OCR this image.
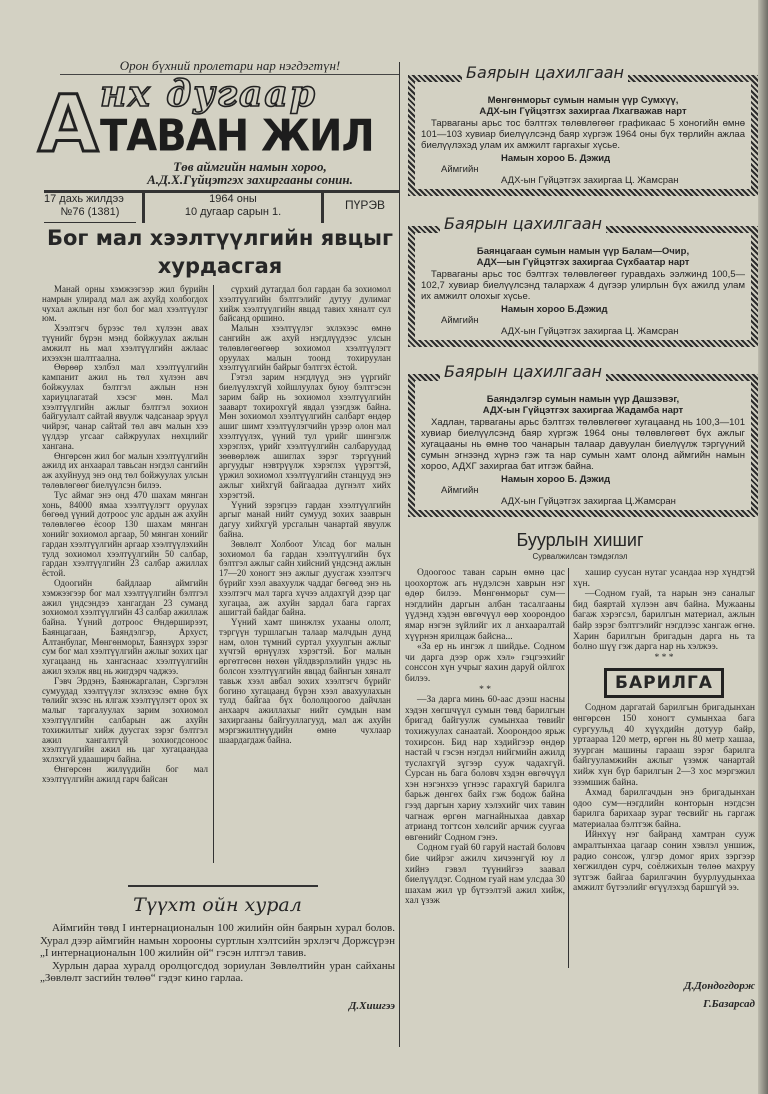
Орон бүхний пролетари нар нэгдэгтүн!
А нх дугаар
ТАВАН ЖИЛ
Төв аймгийн намын хороо,
А.Д.Х.Гүйцэтгэх захиргааны сонин.
17 дахь жилдээ
№76 (1381)
1964 оны
10 дугаар сарын 1.	ПҮРЭВ
Бог мал хээлтүүлгийн явцыг
хурдасгая

Манай орны хэмжээгээр жил бүрийн намрын улиралд мал аж ахуйд холбогдох чухал ажлын нэг бол бог мал хээлтүүлэг юм.

Хээлтэгч бүрээс төл хүлээн авах түүнийг бүрэн мэнд бойжуулах ажлын амжилт нь мал хээлтүүлгийн ажлаас ихээхэн шалтгаална.

Өөрөөр хэлбэл мал хээлтүүлгийн кампанит ажил нь төл хүлээн авч бойжуулах бэлтгэл ажлын нэн хариуцлагатай хэсэг мөн. Мал хээлтүүлгийн ажлыг бэлтгэл зохион байгуулалт сайтай явуулж чадсанаар эрүүл чийрэг, чанар сайтай төл авч малын хээ үүлдэр угсааг сайжруулах нөхцлийг хангана.

Өнгөрсөн жил бог малын хээлтүүлгийн ажилд их анхаарал тавьсан нэгдэл сангийн аж ахуйнууд энэ онд төл бойжуулах улсын төлөвлөгөөг биелүүлсэн билээ.

Тус аймаг энэ онд 470 шахам мянган хонь, 84000 ямаа хээлтүүлэгт оруулах бөгөөд үүний дотроос улс ардын аж ахуйн төлөвлөгөө ёсоор 130 шахам мянган хонийг зохиомол аргаар, 50 мянган хонийг гардан хээлтүүлгийн аргаар хээлтүүлэхийн тулд зохиомол хээлтүүлгийн 50 салбар, гардан хээлтүүлгийн 23 салбар ажиллах ёстой.

Одоогийн байдлаар аймгийн хэмжээгээр бог мал хээлтүүлгийн бэлтгэл ажил үндсэндээ хангагдан 23 суманд зохиомол хээлтүүлгийн 43 салбар ажиллаж байна. Үүний дотроос Өндөрширээт, Баянцагаан, Баяндэлгэр, Архуст, Алтанбулаг, Мөнгөнморьт, Баянзүрх зэрэг сум бог мал хээлтүүлгийн ажлыг зохих цаг хугацаанд нь хангаснаас хээлтүүлгийн ажил эхэлж явц нь жигдэрч чаджээ.

Гэвч Эрдэнэ, Баянжаргалан, Сэргэлэн сумуудад хээлтүүлэг эхлэхээс өмнө бүх төлийг эхээс нь ялгаж хээлтүүлэгт орох эх малыг таргалуулах зарим зохиомол хээлтүүлгийн салбарын аж ахуйн тохижилтыг хийж дуусгах зэрэг бэлтгэл ажил хангалтгүй зохиогдсоноос хээлтүүлгийн ажил нь цаг хугацаандаа эхлэхгүй удааширч байна.

Өнгөрсөн жилүүдийн бог мал хээлтүүлгийн ажилд гарч байсан

сүрхий дутагдал бол гардан ба зохиомол хээлтүүлгийн бэлтгэлийг дутуу дулимаг хийж хээлтүүлгийн явцад тавих хяналт сул байсанд оршино.

Малын хээлтүүлэг эхлэхээс өмнө сангийн аж ахуй нэгдлүүдээс улсын төлөвлөгөөгөөр зохиомол хээлтүүлэгт оруулах малын тоонд тохируулан хээлтүүлгийн байрыг бэлтгэх ёстой.

Гэтэл зарим нэгдлүүд энэ үүргийг биелүүлэхгүй хойшлуулах буюу бэлтгэсэн зарим байр нь зохиомол хээлтүүлгийн зааварт тохирохгүй явдал үзэгдэж байна. Мөн зохиомол хээлтүүлгийн салбарт өндөр ашиг шимт хээлтүүлэгчийн үрээр олон мал хээлтүүлэх, үүний тул үрийг шингэлж хэрэглэх, үрийг хээлтүүлгийн салбаруудад зөөвөрлөж ашиглах зэрэг тэргүүний аргуудыг нэвтрүүлж хэрэглэх үүрэгтэй, үржил зохиомол хээлтүүлгийн станцууд энэ ажлыг хийхгүй байгаадаа дүгнэлт хийх хэрэгтэй.

Үүний зэрэгцээ гардан хээлтүүлгийн аргыг манай нийт сумууд зохих зааврын дагуу хийхгүй урсгалын чанартай явуулж байна.

Зөвлөлт Холбоот Улсад бог малын зохиомол ба гардан хээлтүүлгийн бүх бэлтгэл ажлыг сайн хийсний үндсэнд ажлын 17—20 хоногт энэ ажлыг дуусгаж хээлтэгч бүрийг хээл авахуулж чаддаг бөгөөд энэ нь хээлтэгч мал тарга хүчээ алдахгүй дээр цаг хугацаа, аж ахуйн зардал бага гаргах ашигтай байдаг байна.

Үүний хамт шинжлэх ухааны ололт, тэргүүн туршлагын талаар малчдын дунд нам, олон түмний суртал ухуулгын ажлыг хүчтэй өрнүүлэх хэрэгтэй. Бог малын өргөтгөсөн нөхөн үйлдвэрлэлийн үндэс нь болсон хээлтүүлгийн явцад байнгын хяналт тавьж хээл авбал зохих хээлтэгч бүрийг богино хугацаанд бүрэн хээл авахуулахын тулд байгаа бүх бололцоогоо дайчлан анхаарч ажиллахыг нийт сумдын нам захиргааны байгууллагууд, мал аж ахуйн мэргэжилтнүүдийн өмнө чухлаар шаардагдаж байна.

Түүхт ойн хурал

Аймгийн төвд I интернационалын 100 жилийн ойн баярын хурал болов. Хурал дээр аймгийн намын хорооны суртлын хэлтсийн эрхлэгч Доржсүрэн „I интернационалын 100 жилийн ой“ гэсэн илтгэл тавив.

Хурлын дараа хуралд оролцогсдод зориулан Зөвлөлтийн уран сайханы „Зөвлөлт засгийн төлөө“ гэдэг кино гарлаа.

Д.Хишгээ
Мөнгөнморьт сумын намын үүр Сумхүү,
АДХ-ын Гүйцэтгэх захиргаа Лхагважав нарт
Тарваганы арьс тос бэлтгэх төлөвлөгөөг графикаас 5 хоногийн өмнө 101—103 хувиар биелүүлсэнд баяр хүргэж 1964 оны бүх төрлийн ажлаа биелүүлэхэд улам их амжилт гаргахыг хүсье.
Намын хороо Б. Дэжид
Аймгийн
АДХ-ын Гүйцэтгэх захиргаа Ц. Жамсран
Баярын цахилгаан
Баянцагаан сумын намын үүр Балам—Очир,
АДХ—ын Гүйцэтгэх захиргаа Сүхбаатар нарт
Тарваганы арьс тос бэлтгэх төлөвлөгөөг гуравдахь ээлжинд 100,5—102,7 хувиар биелүүлсэнд талархаж 4 дүгээр улирлын бүх ажилд улам их амжилт олохыг хүсье.
Намын хороо Б.Дэжид
Аймгийн
АДХ-ын Гүйцэтгэх захиргаа Ц. Жамсран
Баярын цахилгаан
Баяндэлгэр сумын намын үүр Дашзэвэг,
АДХ-ын Гүйцэтгэх захиргаа Жадамба нарт
Хадлан, тарваганы арьс бэлтгэх төлөвлөгөөг хугацаанд нь 100,3—101 хувиар биелүүлсэнд баяр хүргэж 1964 оны төлөвлөгөөт бүх ажлыг хугацааны нь өмнө тоо чанарын талаар давуулан биелүүлж тэргүүний сумын эгнээнд хүрнэ гэж та нар сумын хамт олонд аймгийн намын хороо, АДХГ захиргаа бат итгэж байна.
Намын хороо Б. Дэжид
Аймгийн
АДХ-ын Гүйцэтгэх захиргаа Ц.Жамсран
Баярын цахилгаан
Буурлын хишиг
Сурвалжилсан тэмдэглэл

Одоогоос таван сарын өмнө цас цоохортож агь нүдэлсэн хаврын нэг өдөр билээ. Мөнгөнморьт сум—нэгдлийн даргын албан тасалгааны үүдэнд хэдэн өвгөчүүл өөр хоорондоо ямар нэгэн зүйлийг их л анхааралтай хүүрнэн ярилцаж байсна...

«За ер нь ингэж л шийдье. Содном чи дарга дээр орж хэл» гэцгээхийг сонссон хүн учрыг яахин даруй ойлгох билээ.

* *

—За дарга минь 60-аас дээш насны хэдэн хөгшчүүл сумын төвд барилгын бригад байгуулж сумынхаа төвийг тохижуулах санаатай. Хоорондоо ярьж тохирсон. Бид нар хэдийгээр өндөр настай ч гэсэн нэгдэл нийгмийн ажилд туслахгүй зүгээр сууж чадахгүй. Сурсан нь бага боловч хэдэн өвгөчүүл хэн нэгэнхээ үгнээс гарахгүй барилга барьж дөнгөх байх гэж бодож байна гээд даргын хариу хэлэхийг чих тавин чагнаж өргөн магнайныхаа давхар атрианд тогтсон хөлсийг арчиж суугаа өвгөнийг Содном гэнэ.

Содном гуай 60 гаруй настай боловч бие чийрэг ажилч хичээнгүй юу л хийнэ гэвэл түүнийгээ заавал биелүүлдэг. Содном гуай нам улсдаа 30 шахам жил үр бүтээлтэй ажил хийж, хал үзэж

хашир суусан нутаг усандаа нэр хүндтэй хүн.

—Содном гуай, та нарын энэ саналыг бид баяртай хүлээн авч байна. Мужааны багаж хэрэгсэл, барилгын материал, ажлын байр зэрэг бэлтгэлийг нэгдлээс хангаж өгнө. Харин барилгын бригадын дарга нь та болно шүү гэж дарга нар нь хэлжээ.

* * *

БАРИЛГА

Содном даргатай барилгын бригадынхан өнгөрсөн 150 хоногт сумынхаа бага сургуульд 40 хүүхдийн дотуур байр, уртаараа 120 метр, өргөн нь 80 метр хашаа, зуурган машины гарааш зэрэг барилга байгууламжийн ажлыг үзэмж чанартай хийж хүн бүр барилгын 2—3 хос мэргэжил эзэмшиж байна.

Ахмад барилгачдын энэ бригадынхан одоо сум—нэгдлийн конторын нэгдсэн барилга барихаар зураг төсвийг нь гаргаж материалаа бэлтгэж байна.

Ийнхүү нэг байранд хамтран сууж амралтынхаа цагаар сонин хэвлэл уншиж, радио сонсож, үлгэр домог ярих зэргээр хөгжилдөн сурч, соёлжихын төлөө махруу зүтгэж байгаа барилгачин буурлуудынхаа амжилт бүтээлийг өгүүлэхэд баршгүй ээ.

Д.Дондогдорж
Г.Базарсад
